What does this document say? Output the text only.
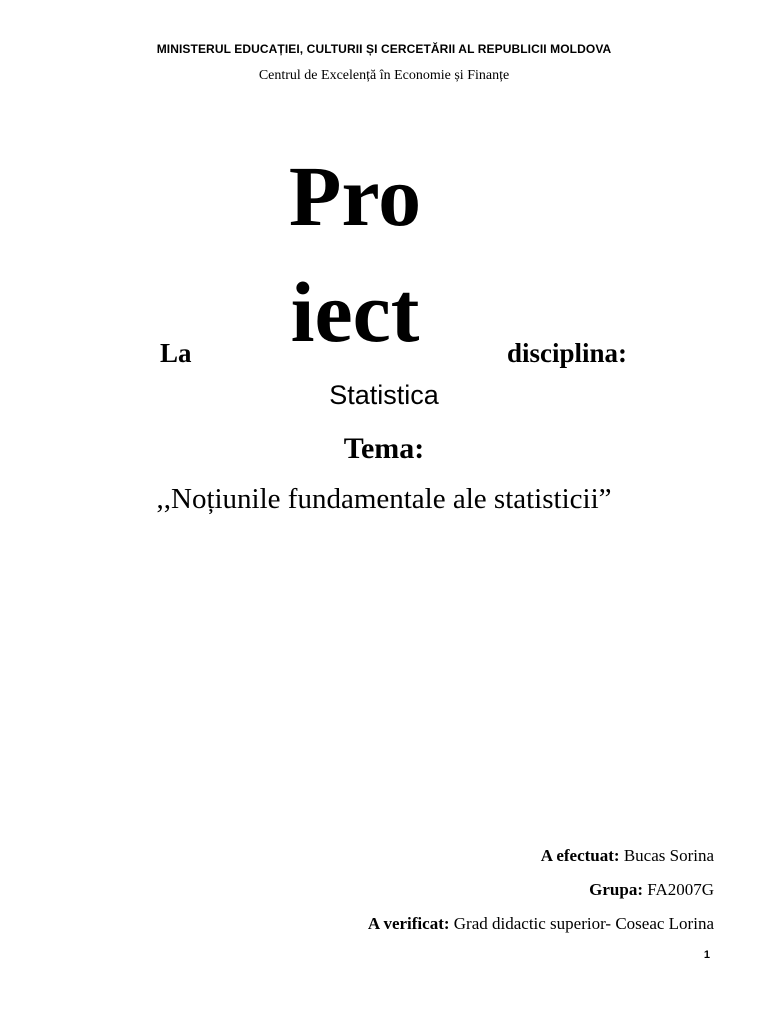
MINISTERUL EDUCAȚIEI, CULTURII ȘI CERCETĂRII AL REPUBLICII MOLDOVA
Centrul de Excelență în Economie și Finanțe
Pro
iect
La	disciplina:
Statistica
Tema:
,,Noțiunile fundamentale ale statisticii”
A efectuat: Bucas Sorina
Grupa: FA2007G
A verificat: Grad didactic superior- Coseac Lorina
1
